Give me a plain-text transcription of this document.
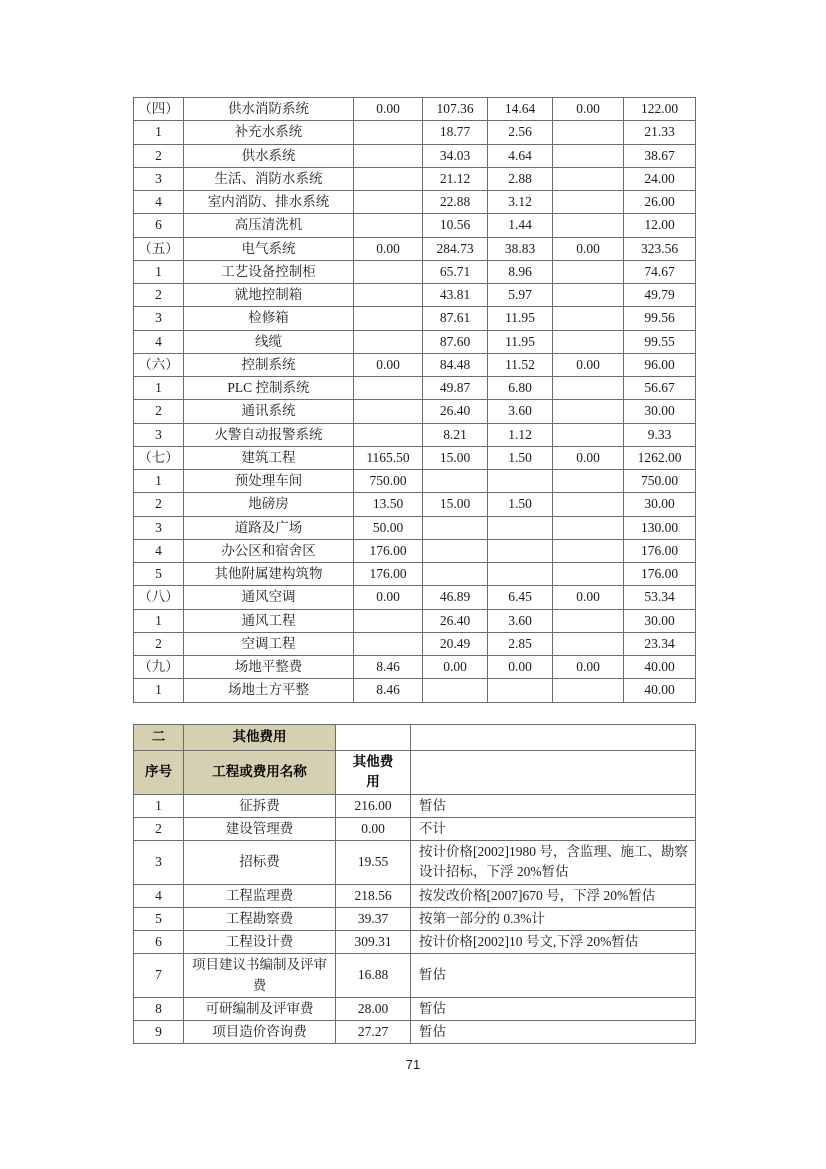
（四）	供水消防系统	0.00	107.36	14.64	0.00	122.00
1	补充水系统		18.77	2.56		21.33
2	供水系统		34.03	4.64		38.67
3	生活、消防水系统		21.12	2.88		24.00
4	室内消防、排水系统		22.88	3.12		26.00
6	高压清洗机		10.56	1.44		12.00
（五）	电气系统	0.00	284.73	38.83	0.00	323.56
1	工艺设备控制柜		65.71	8.96		74.67
2	就地控制箱		43.81	5.97		49.79
3	检修箱		87.61	11.95		99.56
4	线缆		87.60	11.95		99.55
（六）	控制系统	0.00	84.48	11.52	0.00	96.00
1	PLC 控制系统		49.87	6.80		56.67
2	通讯系统		26.40	3.60		30.00
3	火警自动报警系统		8.21	1.12		9.33
（七）	建筑工程	1165.50	15.00	1.50	0.00	1262.00
1	预处理车间	750.00				750.00
2	地磅房	13.50	15.00	1.50		30.00
3	道路及广场	50.00				130.00
4	办公区和宿舍区	176.00				176.00
5	其他附属建构筑物	176.00				176.00
（八）	通风空调	0.00	46.89	6.45	0.00	53.34
1	通风工程		26.40	3.60		30.00
2	空调工程		20.49	2.85		23.34
（九）	场地平整费	8.46	0.00	0.00	0.00	40.00
1	场地土方平整	8.46				40.00
二	其他费用		
序号	工程或费用名称	其他费用	
1	征拆费	216.00	暂估
2	建设管理费	0.00	不计
3	招标费	19.55	按计价格[2002]1980 号，含监理、施工、勘察设计招标，下浮 20%暂估
4	工程监理费	218.56	按发改价格[2007]670 号，下浮 20%暂估
5	工程勘察费	39.37	按第一部分的 0.3%计
6	工程设计费	309.31	按计价格[2002]10 号文,下浮 20%暂估
7	项目建议书编制及评审费	16.88	暂估
8	可研编制及评审费	28.00	暂估
9	项目造价咨询费	27.27	暂估
71
